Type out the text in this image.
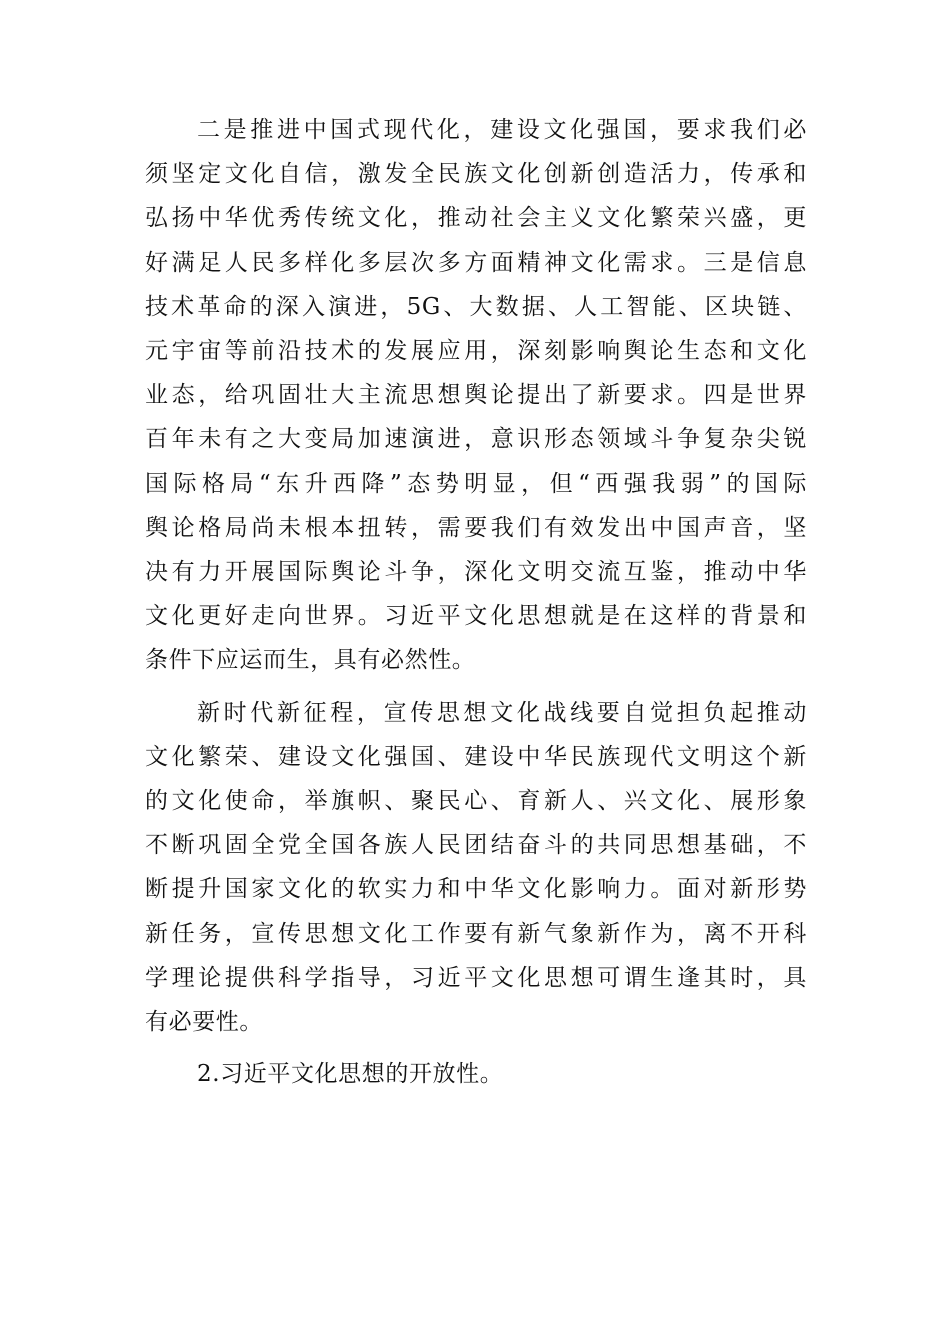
二是推进中国式现代化，建设文化强国，要求我们必
须坚定文化自信，激发全民族文化创新创造活力，传承和
弘扬中华优秀传统文化，推动社会主义文化繁荣兴盛，更
好满足人民多样化多层次多方面精神文化需求。三是信息
技术革命的深入演进，5G、大数据、人工智能、区块链、
元宇宙等前沿技术的发展应用，深刻影响舆论生态和文化
业态，给巩固壮大主流思想舆论提出了新要求。四是世界
百年未有之大变局加速演进，意识形态领域斗争复杂尖锐
国际格局“东升西降”态势明显，但“西强我弱”的国际
舆论格局尚未根本扭转，需要我们有效发出中国声音，坚
决有力开展国际舆论斗争，深化文明交流互鉴，推动中华
文化更好走向世界。习近平文化思想就是在这样的背景和
条件下应运而生，具有必然性。
新时代新征程，宣传思想文化战线要自觉担负起推动
文化繁荣、建设文化强国、建设中华民族现代文明这个新
的文化使命，举旗帜、聚民心、育新人、兴文化、展形象
不断巩固全党全国各族人民团结奋斗的共同思想基础，不
断提升国家文化的软实力和中华文化影响力。面对新形势
新任务，宣传思想文化工作要有新气象新作为，离不开科
学理论提供科学指导，习近平文化思想可谓生逢其时，具
有必要性。
2.习近平文化思想的开放性。
